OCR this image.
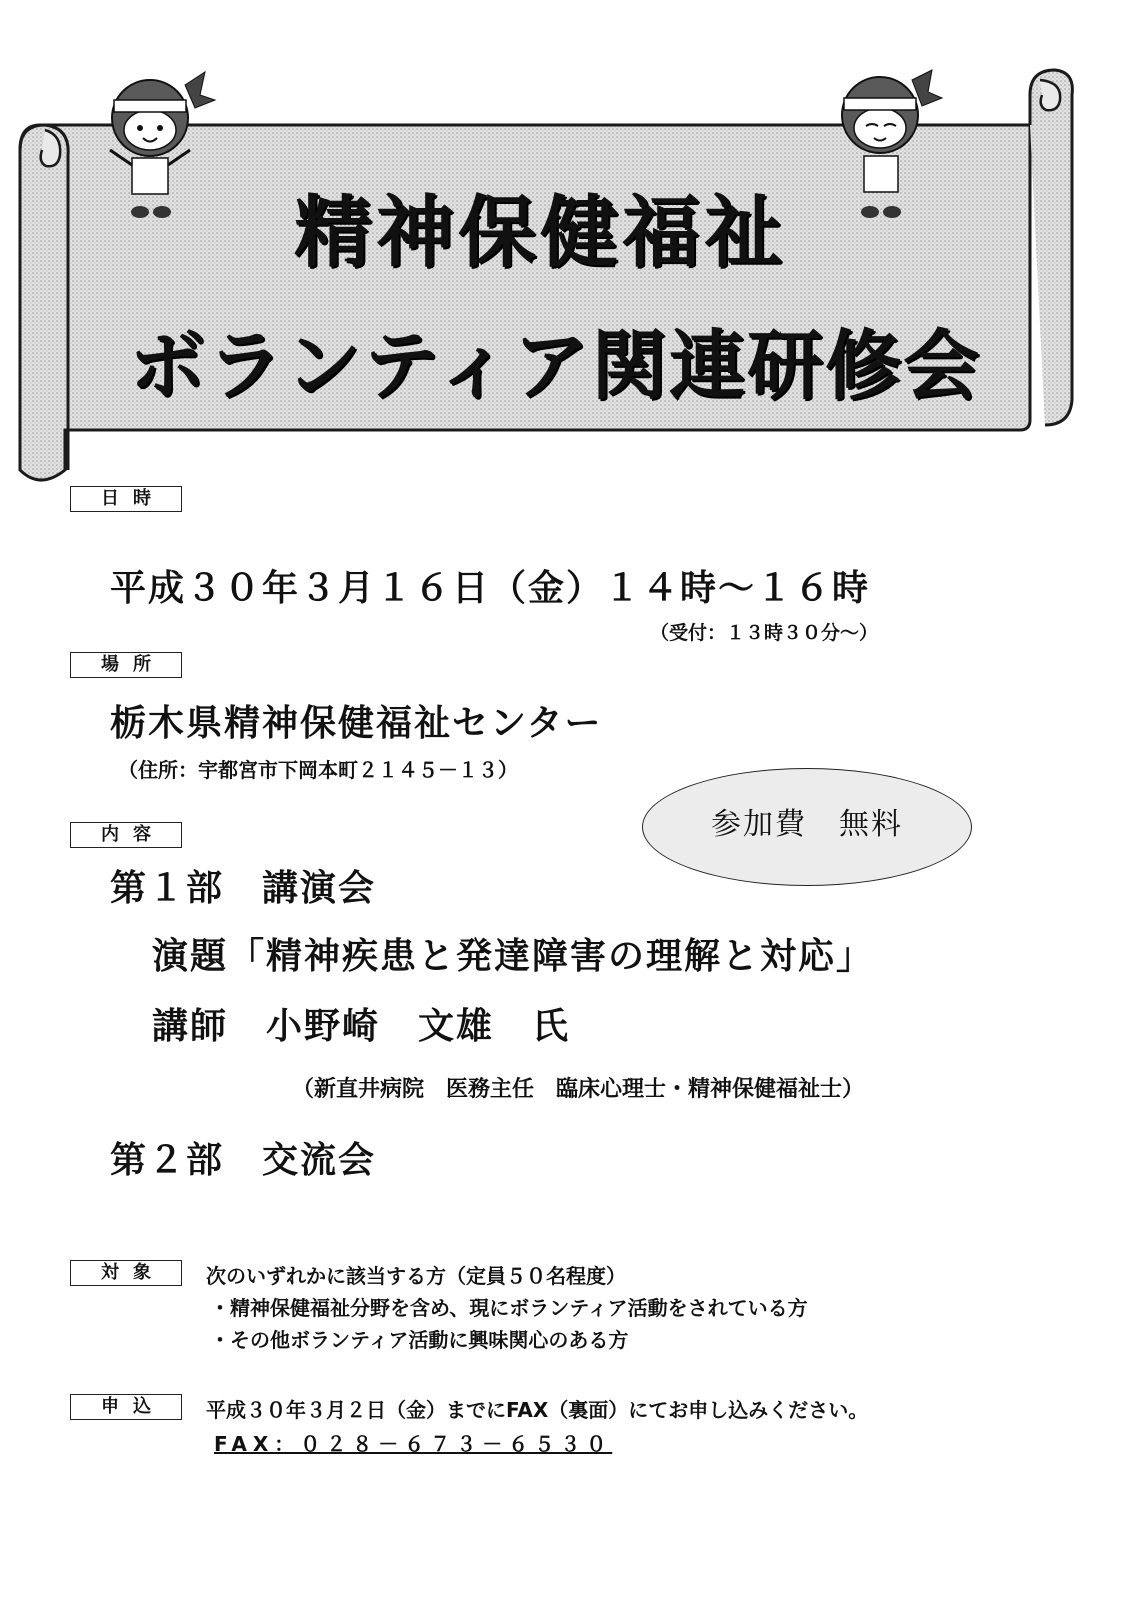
精神保健福祉
ボランティア関連研修会
日時
平成３０年３月１６日（金）１４時～１６時
（受付：１３時３０分～）
場所
栃木県精神保健福祉センター
（住所：宇都宮市下岡本町２１４５－１３）
参加費　無料
内容
第１部　講演会
演題「精神疾患と発達障害の理解と対応」
講師　小野崎　文雄　氏
（新直井病院　医務主任　臨床心理士・精神保健福祉士）
第２部　交流会
対象	次のいずれかに該当する方（定員５０名程度）
・精神保健福祉分野を含め、現にボランティア活動をされている方
・その他ボランティア活動に興味関心のある方
申込	平成３０年３月２日（金）までにFAX（裏面）にてお申し込みください。
FAX：０２８－６７３－６５３０
